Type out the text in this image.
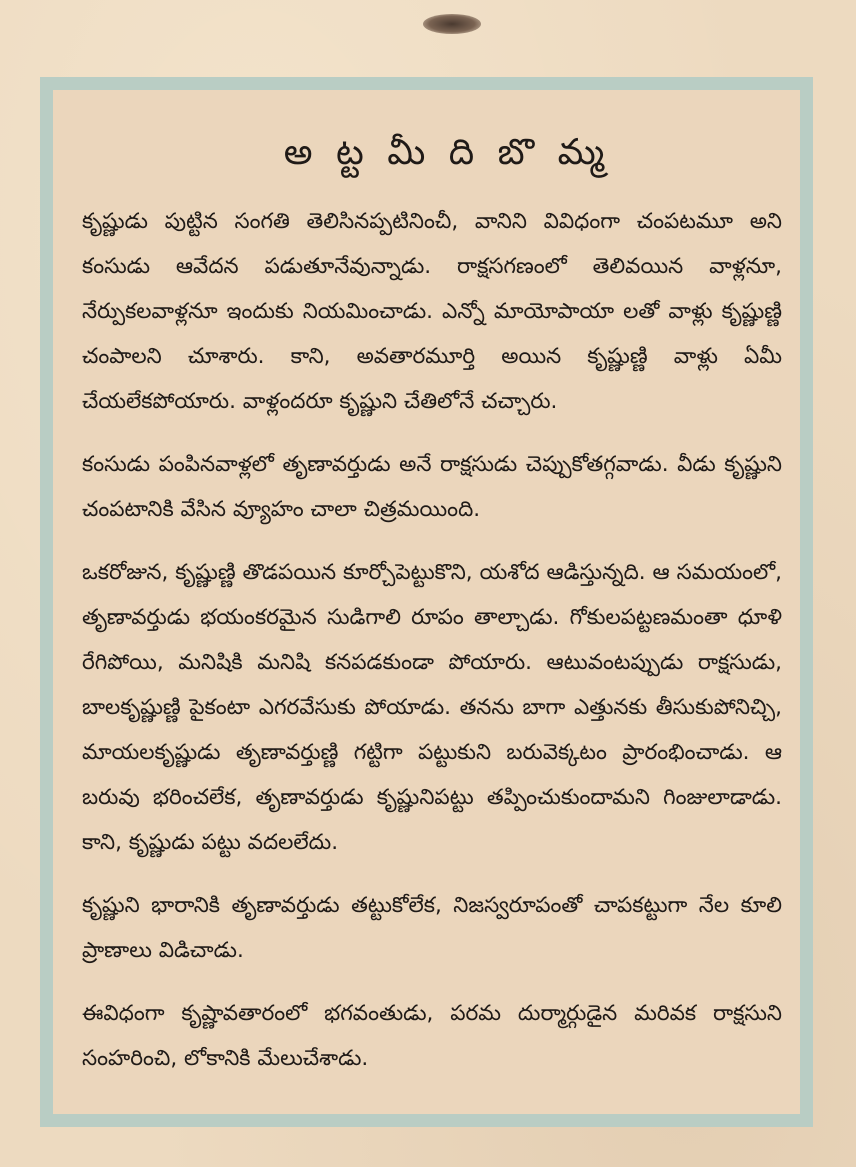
అ ట్ట మీ ది బొ మ్మ

కృష్ణుడు పుట్టిన సంగతి తెలిసినప్పటినించీ, వానిని వివిధంగా చంపటమూ అని కంసుడు ఆవేదన పడుతూనేవున్నాడు. రాక్షసగణంలో తెలివయిన వాళ్లనూ, నేర్పుకలవాళ్లనూ ఇందుకు నియమించాడు. ఎన్నో మాయోపాయా లతో వాళ్లు కృష్ణుణ్ణి చంపాలని చూశారు. కాని, అవతారమూర్తి అయిన కృష్ణుణ్ణి వాళ్లు ఏమీ చేయలేకపోయారు. వాళ్లందరూ కృష్ణుని చేతిలోనే చచ్చారు.

కంసుడు పంపినవాళ్లలో తృణావర్తుడు అనే రాక్షసుడు చెప్పుకోతగ్గవాడు. వీడు కృష్ణుని చంపటానికి వేసిన వ్యూహం చాలా చిత్రమయింది.

ఒకరోజున, కృష్ణుణ్ణి తొడపయిన కూర్చోపెట్టుకొని, యశోద ఆడిస్తున్నది. ఆ సమయంలో, తృణావర్తుడు భయంకరమైన సుడిగాలి రూపం తాల్చాడు. గోకులపట్టణమంతా ధూళి రేగిపోయి, మనిషికి మనిషి కనపడకుండా పోయారు. ఆటువంటప్పుడు రాక్షసుడు, బాలకృష్ణుణ్ణి పైకంటా ఎగరవేసుకు పోయాడు. తనను బాగా ఎత్తునకు తీసుకుపోనిచ్చి, మాయలకృష్ణుడు తృణావర్తుణ్ణి గట్టిగా పట్టుకుని బరువెక్కటం ప్రారంభించాడు. ఆ బరువు భరించలేక, తృణావర్తుడు కృష్ణునిపట్టు తప్పించుకుందామని గింజులాడాడు. కాని, కృష్ణుడు పట్టు వదలలేదు.

కృష్ణుని భారానికి తృణావర్తుడు తట్టుకోలేక, నిజస్వరూపంతో చాపకట్టుగా నేల కూలి ప్రాణాలు విడిచాడు.

ఈవిధంగా కృష్ణావతారంలో భగవంతుడు, పరమ దుర్మార్గుడైన మరివక రాక్షసుని సంహరించి, లోకానికి మేలుచేశాడు.
